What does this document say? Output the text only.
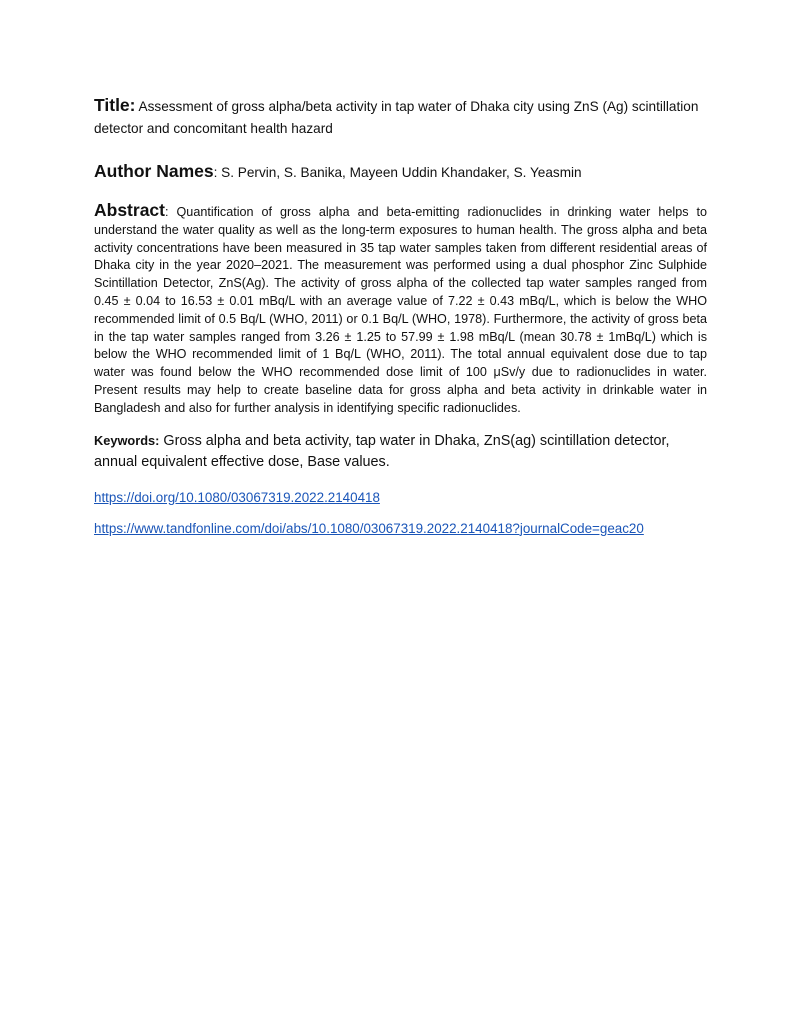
Title: Assessment of gross alpha/beta activity in tap water of Dhaka city using ZnS (Ag) scintillation detector and concomitant health hazard

Author Names: S. Pervin, S. Banika, Mayeen Uddin Khandaker, S. Yeasmin
Abstract: Quantification of gross alpha and beta-emitting radionuclides in drinking water helps to understand the water quality as well as the long-term exposures to human health. The gross alpha and beta activity concentrations have been measured in 35 tap water samples taken from different residential areas of Dhaka city in the year 2020–2021. The measurement was performed using a dual phosphor Zinc Sulphide Scintillation Detector, ZnS(Ag). The activity of gross alpha of the collected tap water samples ranged from 0.45 ± 0.04 to 16.53 ± 0.01 mBq/L with an average value of 7.22 ± 0.43 mBq/L, which is below the WHO recommended limit of 0.5 Bq/L (WHO, 2011) or 0.1 Bq/L (WHO, 1978). Furthermore, the activity of gross beta in the tap water samples ranged from 3.26 ± 1.25 to 57.99 ± 1.98 mBq/L (mean 30.78 ± 1mBq/L) which is below the WHO recommended limit of 1 Bq/L (WHO, 2011). The total annual equivalent dose due to tap water was found below the WHO recommended dose limit of 100 μSv/y due to radionuclides in water. Present results may help to create baseline data for gross alpha and beta activity in drinkable water in Bangladesh and also for further analysis in identifying specific radionuclides.
Keywords: Gross alpha and beta activity, tap water in Dhaka, ZnS(ag) scintillation detector, annual equivalent effective dose, Base values.
https://doi.org/10.1080/03067319.2022.2140418
https://www.tandfonline.com/doi/abs/10.1080/03067319.2022.2140418?journalCode=geac20
